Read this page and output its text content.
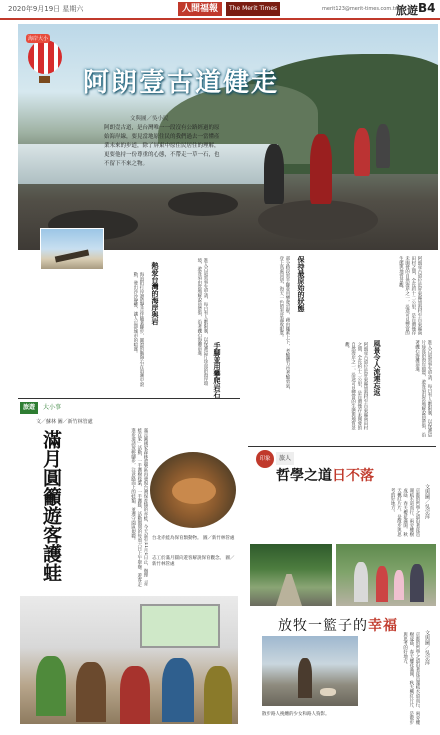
2020年9月19日 星期六	人間福報	The Merit Times	merit123@merit-times.com.tw
旅遊 B4
海岸大小
阿朗壹古道健走
文與圖／吳小民
阿朗壹古道，是台灣唯一一段沒有公路經過的原始海岸線，要見當地原住民的我們過去一當懂產業未來的步道，除了屏東中原住民居住的理解，更要他持一份尊重的心態，不帶走一草一石，也不留下不來之物。
保持最原始的狀態
風景令人流連忘返
熱爱台灣的海岸與岩
手腳並用攀爬岩石
阿朗壹古道位於屏東縣旭海村至台東縣南田村之間，全長約十二公里，是台灣僅存未開發的自然海岸之一，沿途可見豐富的生態與地質景觀。
進入古道需事先申請，每日有人數限制，以保護這片珍貴的海岸環境，遊客須由當地解說員帶領，沿著礫石海灘前進。
海浪拍打岸邊的聲音伴隨著腳步，圓滾的鵝卵石在浪潮中滾動，發出沙沙聲響，讓人忘卻城市的喧囂。	部分路段需手腳並用攀爬岩壁，藉由繩索上下，考驗體力也考驗勇氣，登上高處回望，海天一色的美景盡收眼底。
進入古道需事先申請，每日有人數限制，以保護這片珍貴的海岸環境，遊客須由當地解說員帶領，沿著礫石海灘前進。
阿朗壹古道位於屏東縣旭海村至台東縣南田村之間，全長約十二公里，是台灣僅存未開發的自然海岸之一，沿途可見豐富的生態與地質景觀。
旅遊	大小事
文／蘇林 圖／新竹林管處
滿月圓籲遊客護蛙	滿月圓國家森林遊樂區再發現台灣保育類的赤蛙，今天起至11月1日止，辦理「青蛙在家」活動，一手護樹枝葉，一手護蛙，活動期間的每周六日上午舉辦。遊客走進步道請放輕腳步，注意路面上的蛙類，並遵守園區規範。	台北赤蛙為保育類動物。 圖／新竹林管處
志工於滿月圓向遊客解說保育觀念。 圖／新竹林管處
印象	旅人
哲學之道日不落
文與圖／吳宗萍
京都的哲學之道沿著琵琶湖疏水道而行，兩旁櫻樹成蔭，春天櫻花滿開，秋天楓紅片片，是散步與思考的好地方。
放牧一籃子的幸福
散步路人挽纏的少女和路人狗影。
文與圖／吳宗萍
京都的哲學之道沿著琵琶湖疏水道而行，兩旁櫻樹成蔭，春天櫻花滿開，秋天楓紅片片，是散步與思考的好地方。
